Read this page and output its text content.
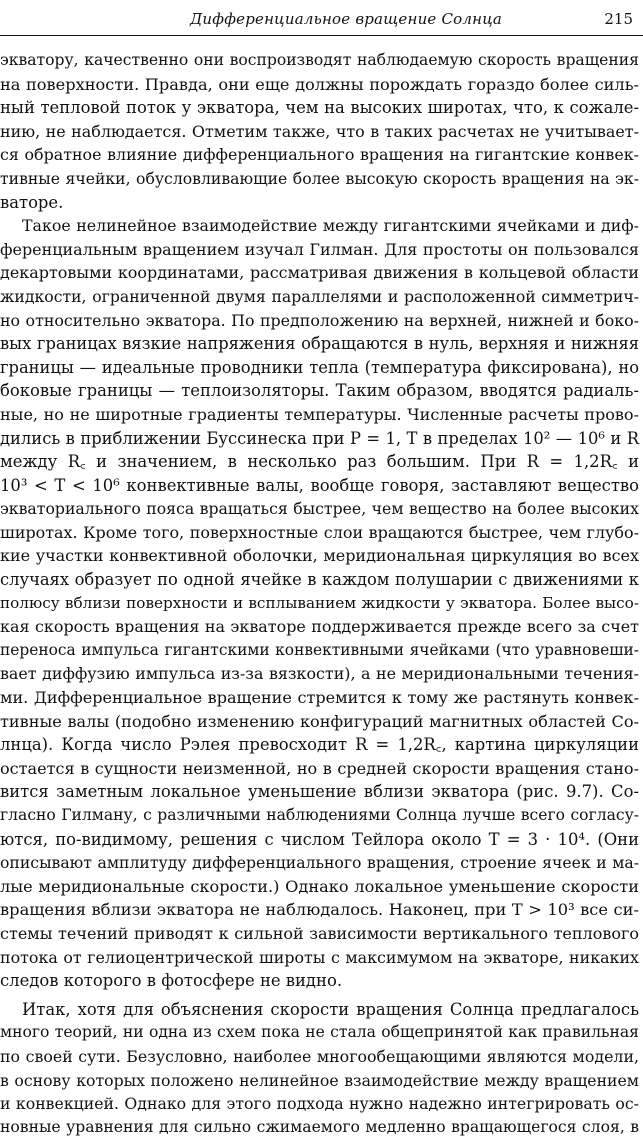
Дифференциальное вращение Солнца	215
экватору, качественно они воспроизводят наблюдаемую скорость вращения
на поверхности. Правда, они еще должны порождать гораздо более силь-
ный тепловой поток у экватора, чем на высоких широтах, что, к сожале-
нию, не наблюдается. Отметим также, что в таких расчетах не учитывает-
ся обратное влияние дифференциального вращения на гигантские конвек-
тивные ячейки, обусловливающие более высокую скорость вращения на эк-
ваторе.
Такое нелинейное взаимодействие между гигантскими ячейками и диф-
ференциальным вращением изучал Гилман. Для простоты он пользовался
декартовыми координатами, рассматривая движения в кольцевой области
жидкости, ограниченной двумя параллелями и расположенной симметрич-
но относительно экватора. По предположению на верхней, нижней и боко-
вых границах вязкие напряжения обращаются в нуль, верхняя и нижняя
границы — идеальные проводники тепла (температура фиксирована), но
боковые границы — теплоизоляторы. Таким образом, вводятся радиаль-
ные, но не широтные градиенты температуры. Численные расчеты прово-
дились в приближении Буссинеска при P = 1, T в пределах 10² — 10⁶ и R
между R꜀ и значением, в несколько раз большим. При R = 1,2R꜀ и
10³ < T < 10⁶ конвективные валы, вообще говоря, заставляют вещество
экваториального пояса вращаться быстрее, чем вещество на более высоких
широтах. Кроме того, поверхностные слои вращаются быстрее, чем глубо-
кие участки конвективной оболочки, меридиональная циркуляция во всех
случаях образует по одной ячейке в каждом полушарии с движениями к
полюсу вблизи поверхности и всплыванием жидкости у экватора. Более высо-
кая скорость вращения на экваторе поддерживается прежде всего за счет
переноса импульса гигантскими конвективными ячейками (что уравновеши-
вает диффузию импульса из-за вязкости), а не меридиональными течения-
ми. Дифференциальное вращение стремится к тому же растянуть конвек-
тивные валы (подобно изменению конфигураций магнитных областей Со-
лнца). Когда число Рэлея превосходит R = 1,2R꜀, картина циркуляции
остается в сущности неизменной, но в средней скорости вращения стано-
вится заметным локальное уменьшение вблизи экватора (рис. 9.7). Со-
гласно Гилману, с различными наблюдениями Солнца лучше всего согласу-
ются, по-видимому, решения с числом Тейлора около T = 3 · 10⁴. (Они
описывают амплитуду дифференциального вращения, строение ячеек и ма-
лые меридиональные скорости.) Однако локальное уменьшение скорости
вращения вблизи экватора не наблюдалось. Наконец, при T > 10³ все си-
стемы течений приводят к сильной зависимости вертикального теплового
потока от гелиоцентрической широты с максимумом на экваторе, никаких
следов которого в фотосфере не видно.
Итак, хотя для объяснения скорости вращения Солнца предлагалось
много теорий, ни одна из схем пока не стала общепринятой как правильная
по своей сути. Безусловно, наиболее многообещающими являются модели,
в основу которых положено нелинейное взаимодействие между вращением
и конвекцией. Однако для этого подхода нужно надежно интегрировать ос-
новные уравнения для сильно сжимаемого медленно вращающегося слоя, в
